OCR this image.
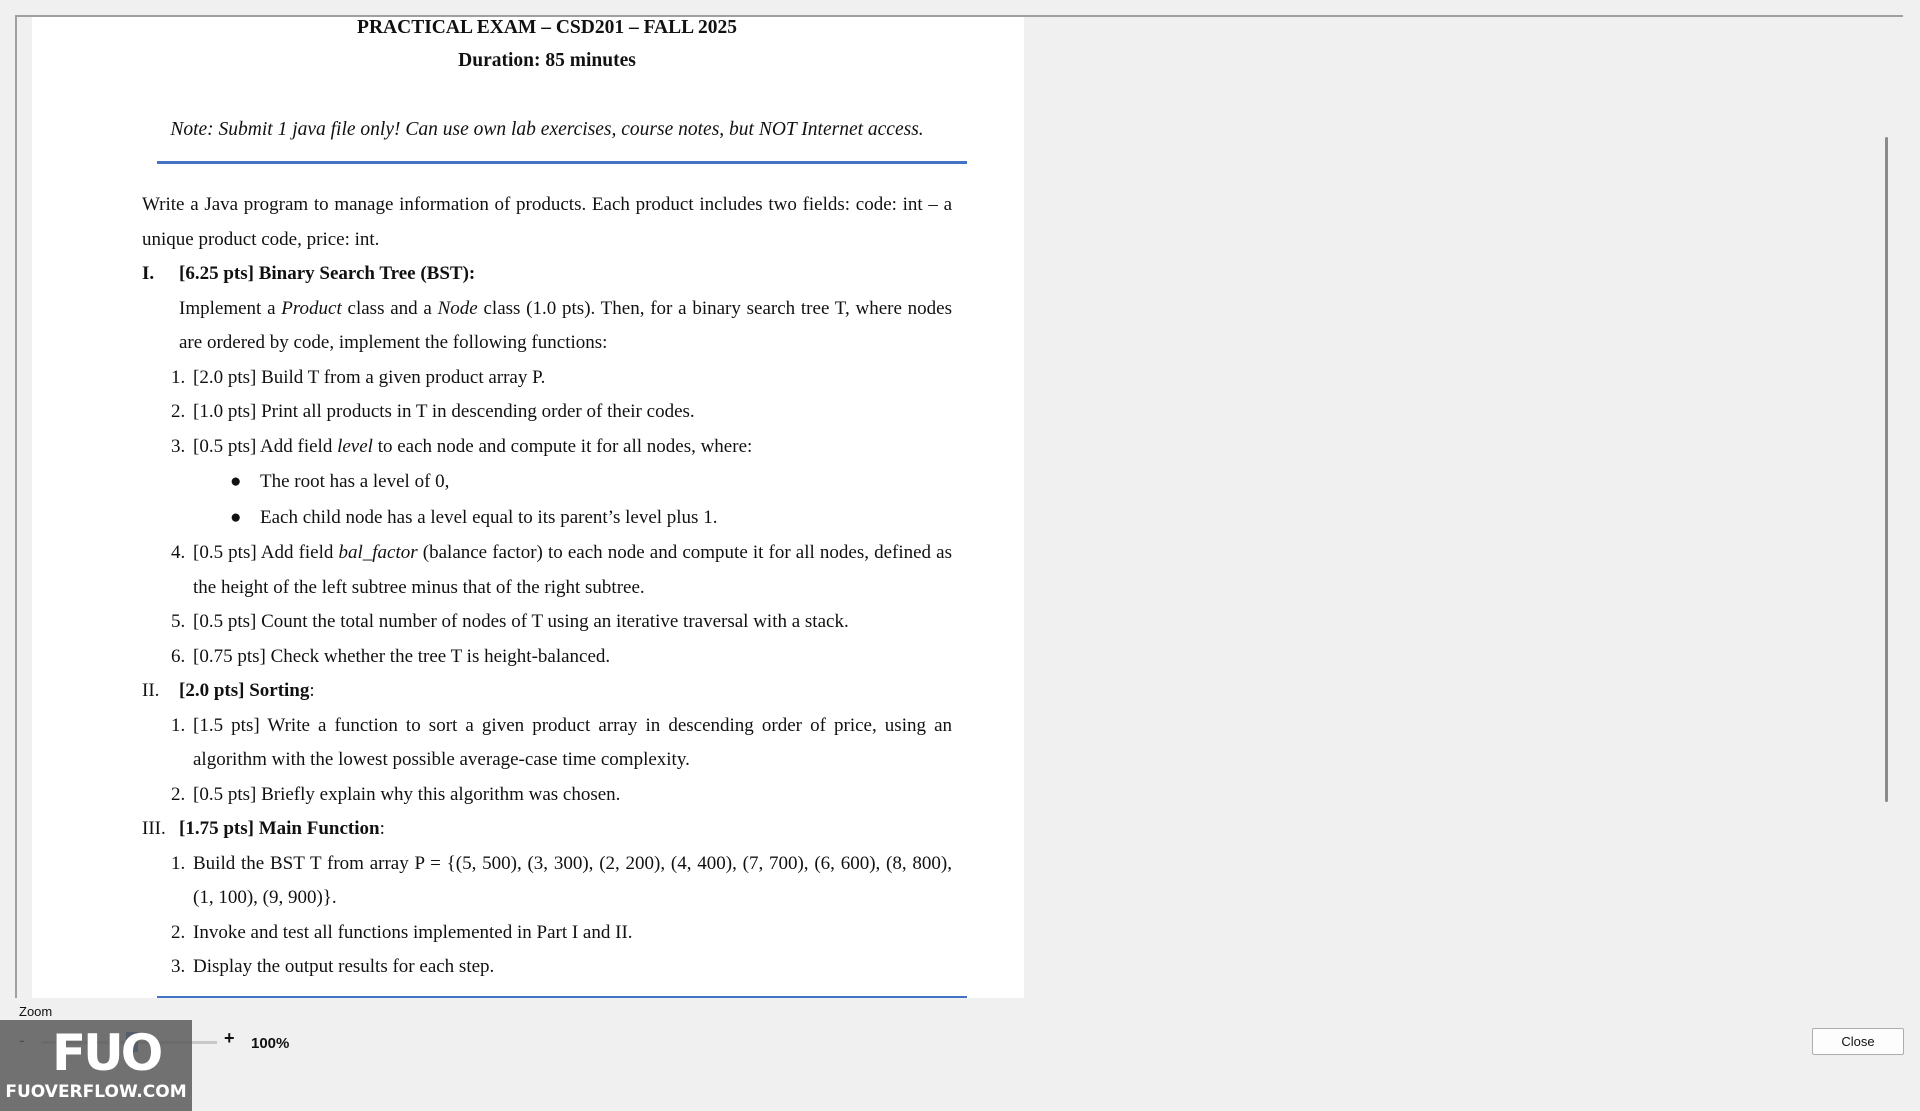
PRACTICAL EXAM – CSD201 – FALL 2025
Duration: 85 minutes
Note: Submit 1 java file only! Can use own lab exercises, course notes, but NOT Internet access.
Write a Java program to manage information of products. Each product includes two fields: code: int – a unique product code, price: int.
I.	[6.25 pts] Binary Search Tree (BST):
Implement a Product class and a Node class (1.0 pts). Then, for a binary search tree T, where nodes are ordered by code, implement the following functions:
1. [2.0 pts] Build T from a given product array P.
2. [1.0 pts] Print all products in T in descending order of their codes.
3. [0.5 pts] Add field level to each node and compute it for all nodes, where:
● The root has a level of 0,
● Each child node has a level equal to its parent’s level plus 1.
4. [0.5 pts] Add field bal_factor (balance factor) to each node and compute it for all nodes, defined as the height of the left subtree minus that of the right subtree.
5. [0.5 pts] Count the total number of nodes of T using an iterative traversal with a stack.
6. [0.75 pts] Check whether the tree T is height-balanced.
II.	[2.0 pts] Sorting :
1. [1.5 pts] Write a function to sort a given product array in descending order of price, using an algorithm with the lowest possible average-case time complexity.
2. [0.5 pts] Briefly explain why this algorithm was chosen.
III. [1.75 pts] Main Function :
1. Build the BST T from array P = {(5, 500), (3, 300), (2, 200), (4, 400), (7, 700), (6, 600), (8, 800), (1, 100), (9, 900)}.
2. Invoke and test all functions implemented in Part I and II.
3. Display the output results for each step.
Zoom
+ 100%	Close
FUO
FUOVERFLOW.COM
